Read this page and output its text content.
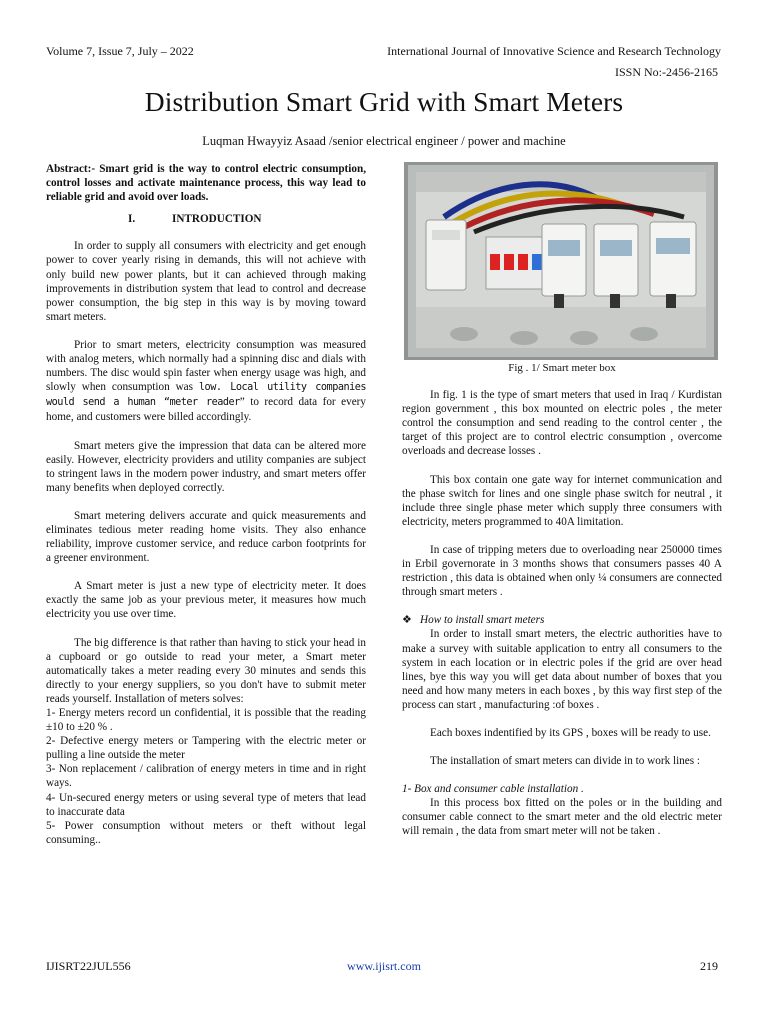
Volume 7, Issue 7, July – 2022	International Journal of Innovative Science and Research Technology
ISSN No:-2456-2165
Distribution Smart Grid with Smart Meters
Luqman Hwayyiz Asaad /senior electrical engineer / power and machine
Abstract:- Smart grid is the way to control electric consumption, control losses and activate maintenance process, this way lead to reliable grid and avoid over loads.
I.	INTRODUCTION

In order to supply all consumers with electricity and get enough power to cover yearly rising in demands, this will not achieve with only build new power plants, but it can achieved through making improvements in distribution system that lead to control and decrease power consumption, the big step in this way is by moving toward smart meters.

Prior to smart meters, electricity consumption was measured with analog meters, which normally had a spinning disc and dials with numbers. The disc would spin faster when energy usage was high, and slowly when consumption was low. Local utility companies would send a human “meter reader” to record data for every home, and customers were billed accordingly.

Smart meters give the impression that data can be altered more easily. However, electricity providers and utility companies are subject to stringent laws in the modern power industry, and smart meters offer many benefits when deployed correctly.

Smart metering delivers accurate and quick measurements and eliminates tedious meter reading home visits. They also enhance reliability, improve customer service, and reduce carbon footprints for a greener environment.

A Smart meter is just a new type of electricity meter. It does exactly the same job as your previous meter, it measures how much electricity you use over time.

The big difference is that rather than having to stick your head in a cupboard or go outside to read your meter, a Smart meter automatically takes a meter reading every 30 minutes and sends this directly to your energy suppliers, so you don't have to submit meter reads yourself. Installation of meters solves:

1- Energy meters record un confidential, it is possible that the reading ±10 to ±20 % .
2- Defective energy meters or Tampering with the electric meter or pulling a line outside the meter
3- Non replacement / calibration of energy meters in time and in right ways.
4- Un-secured energy meters or using several type of meters that lead to inaccurate data
5- Power consumption without meters or theft without legal consuming..
Fig . 1/ Smart meter box

In fig. 1 is the type of smart meters that used in Iraq / Kurdistan region government , this box mounted on electric poles , the meter control the consumption and send reading to the control center , the target of this project are to control electric consumption , overcome overloads and decrease losses .

This box contain one gate way for internet communication and the phase switch for lines and one single phase switch for neutral , it include three single phase meter which supply three consumers with electricity, meters programmed to 40A limitation.

In case of tripping meters due to overloading near 250000 times in Erbil governorate in 3 months shows that consumers passes 40 A restriction , this data is obtained when only ¼ consumers are connected through smart meters .

❖ How to install smart meters

In order to install smart meters, the electric authorities have to make a survey with suitable application to entry all consumers to the system in each location or in electric poles if the grid are over head lines, bye this way you will get data about number of boxes that you need and how many meters in each boxes , by this way first step of the process can start , manufacturing :of boxes .

Each boxes indentified by its GPS , boxes will be ready to use.

The installation of smart meters can divide in to work lines :

1- Box and consumer cable installation .

In this process box fitted on the poles or in the building and consumer cable connect to the smart meter and the old electric meter will remain , the data from smart meter will not be taken .

IJISRT22JUL556	www.ijisrt.com	219
